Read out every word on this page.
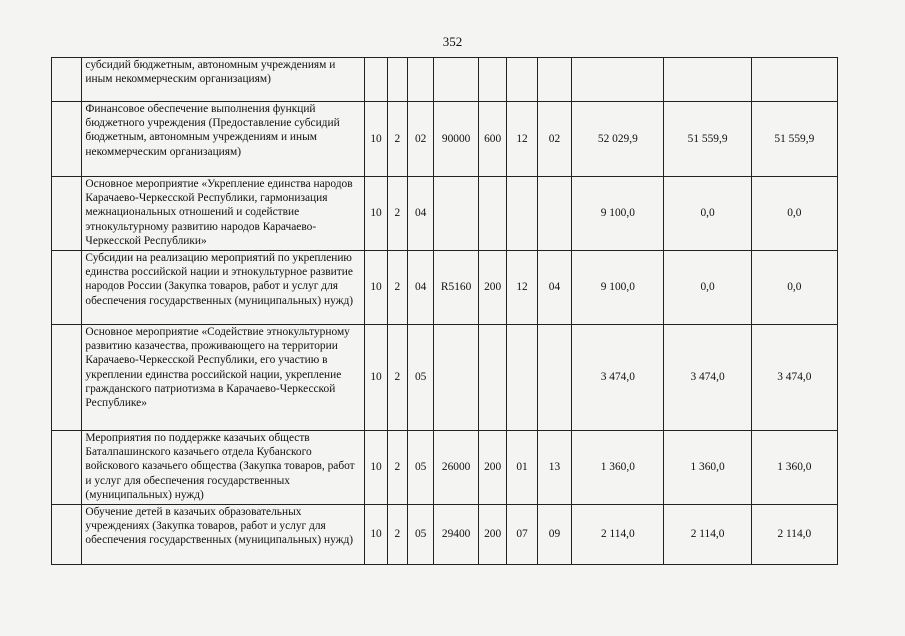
352
	субсидий бюджетным, автономным учреждениям и иным некоммерческим организациям)										
	Финансовое обеспечение выполнения функций бюджетного учреждения (Предоставление субсидий бюджетным, автономным учреждениям и иным некоммерческим организациям)	10	2	02	90000	600	12	02	52 029,9	51 559,9	51 559,9
	Основное мероприятие «Укрепление единства народов Карачаево-Черкесской Республики, гармонизация межнациональных отношений и содействие этнокультурному развитию народов Карачаево-Черкесской Республики»	10	2	04					9 100,0	0,0	0,0
	Субсидии на реализацию мероприятий по укреплению единства российской нации и этнокультурное развитие народов России (Закупка товаров, работ и услуг для обеспечения государственных (муниципальных) нужд)	10	2	04	R5160	200	12	04	9 100,0	0,0	0,0
	Основное мероприятие «Содействие этнокультурному развитию казачества, проживающего на территории Карачаево-Черкесской Республики, его участию в укреплении единства российской нации, укрепление гражданского патриотизма в Карачаево-Черкесской Республике»	10	2	05					3 474,0	3 474,0	3 474,0
	Мероприятия по поддержке казачьих обществ Баталпашинского казачьего отдела Кубанского войскового казачьего общества (Закупка товаров, работ и услуг для обеспечения государственных (муниципальных) нужд)	10	2	05	26000	200	01	13	1 360,0	1 360,0	1 360,0
	Обучение детей в казачьих образовательных учреждениях (Закупка товаров, работ и услуг для обеспечения государственных (муниципальных) нужд)	10	2	05	29400	200	07	09	2 114,0	2 114,0	2 114,0
